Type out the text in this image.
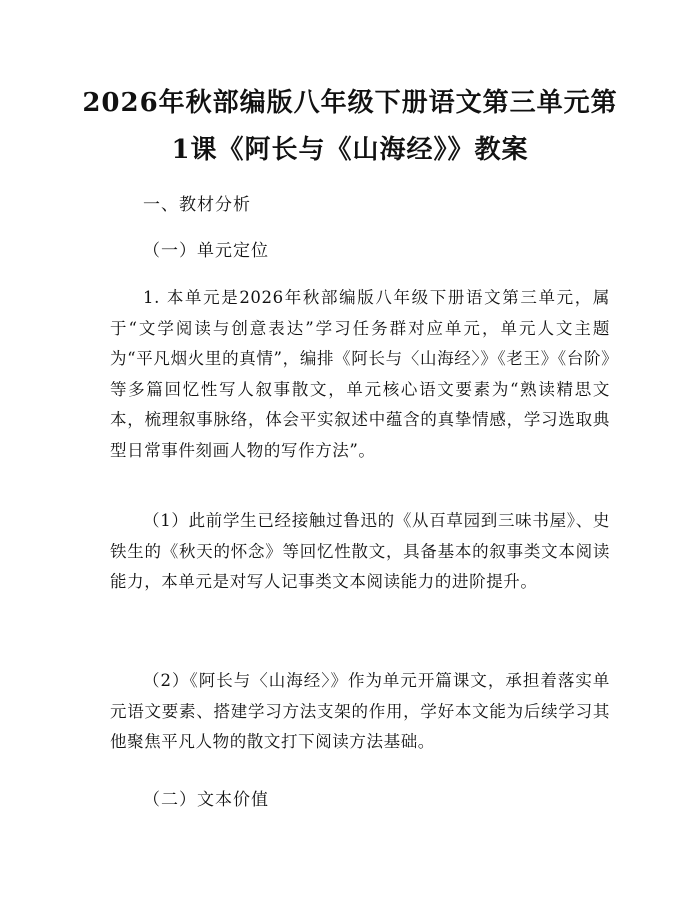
2026年秋部编版八年级下册语文第三单元第
1课《阿长与《山海经》》教案
一、教材分析
（一）单元定位
1. 本单元是2026年秋部编版八年级下册语文第三单元，属于“文学阅读与创意表达”学习任务群对应单元，单元人文主题为“平凡烟火里的真情”，编排《阿长与〈山海经〉》《老王》《台阶》等多篇回忆性写人叙事散文，单元核心语文要素为“熟读精思文本，梳理叙事脉络，体会平实叙述中蕴含的真挚情感，学习选取典型日常事件刻画人物的写作方法”。
（1）此前学生已经接触过鲁迅的《从百草园到三味书屋》、史铁生的《秋天的怀念》等回忆性散文，具备基本的叙事类文本阅读能力，本单元是对写人记事类文本阅读能力的进阶提升。
（2）《阿长与〈山海经〉》作为单元开篇课文，承担着落实单元语文要素、搭建学习方法支架的作用，学好本文能为后续学习其他聚焦平凡人物的散文打下阅读方法基础。
（二）文本价值
